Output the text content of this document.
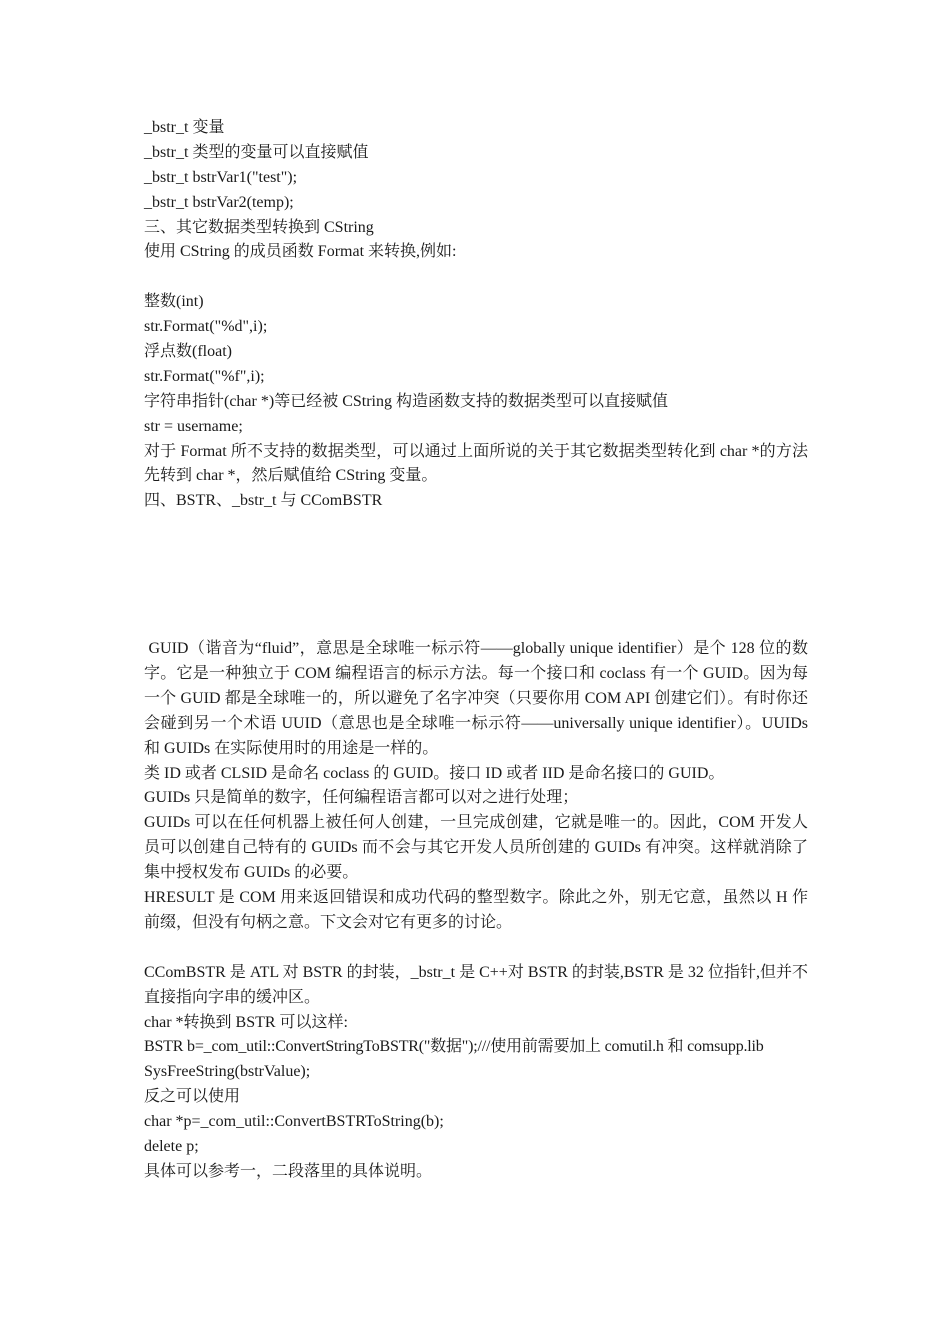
_bstr_t 变量
_bstr_t 类型的变量可以直接赋值
_bstr_t bstrVar1("test");
_bstr_t bstrVar2(temp);
三、其它数据类型转换到 CString
使用 CString 的成员函数 Format 来转换,例如:
整数(int)
str.Format("%d",i);
浮点数(float)
str.Format("%f",i);
字符串指针(char *)等已经被 CString 构造函数支持的数据类型可以直接赋值
str = username;
对于 Format 所不支持的数据类型，可以通过上面所说的关于其它数据类型转化到 char *的方法先转到 char *，然后赋值给 CString 变量。
四、BSTR、_bstr_t 与 CComBSTR
GUID（谐音为“fluid”，意思是全球唯一标示符——globally unique identifier）是个 128 位的数字。它是一种独立于 COM 编程语言的标示方法。每一个接口和 coclass 有一个 GUID。因为每一个 GUID 都是全球唯一的，所以避免了名字冲突（只要你用 COM API 创建它们）。有时你还会碰到另一个术语 UUID（意思也是全球唯一标示符——universally unique identifier）。UUIDs 和 GUIDs 在实际使用时的用途是一样的。
类 ID 或者 CLSID 是命名 coclass 的 GUID。接口 ID 或者 IID 是命名接口的 GUID。
GUIDs 只是简单的数字，任何编程语言都可以对之进行处理；
GUIDs 可以在任何机器上被任何人创建，一旦完成创建，它就是唯一的。因此，COM 开发人员可以创建自己特有的 GUIDs 而不会与其它开发人员所创建的 GUIDs 有冲突。这样就消除了集中授权发布 GUIDs 的必要。
HRESULT 是 COM 用来返回错误和成功代码的整型数字。除此之外，别无它意，虽然以 H 作前缀，但没有句柄之意。下文会对它有更多的讨论。
CComBSTR 是 ATL 对 BSTR 的封装，_bstr_t 是 C++对 BSTR 的封装,BSTR 是 32 位指针,但并不直接指向字串的缓冲区。
char *转换到 BSTR 可以这样:
BSTR b=_com_util::ConvertStringToBSTR("数据");///使用前需要加上 comutil.h 和 comsupp.lib
SysFreeString(bstrValue);
反之可以使用
char *p=_com_util::ConvertBSTRToString(b);
delete p;
具体可以参考一，二段落里的具体说明。
